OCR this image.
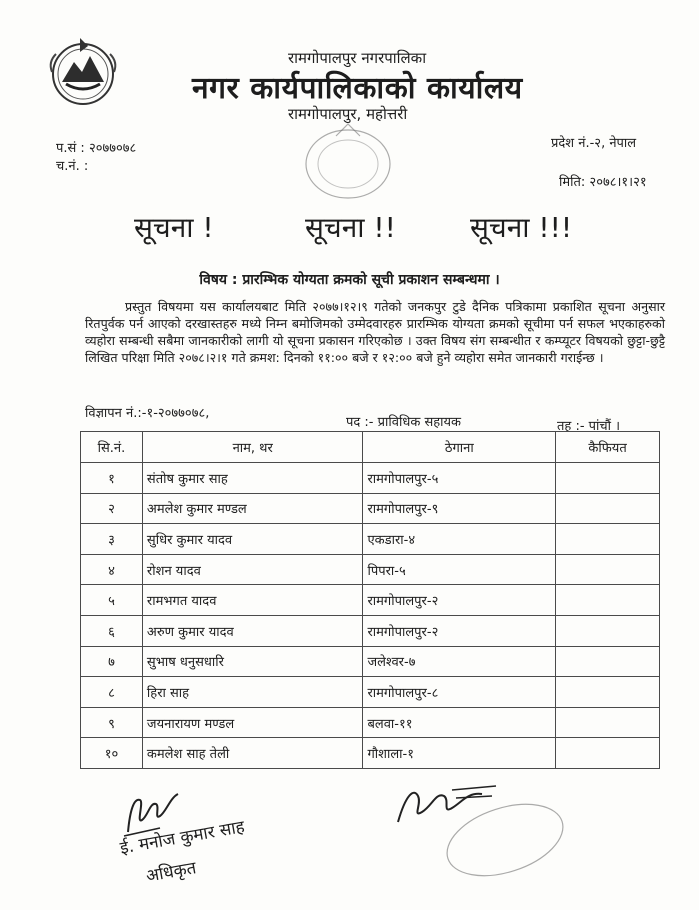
रामगोपालपुर नगरपालिका
नगर कार्यपालिकाको कार्यालय
रामगोपालपुर, महोत्तरी
प.सं : २०७७०७८
च.नं. :
प्रदेश नं.-२, नेपाल
मिति: २०७८।१।२१
सूचना !	सूचना !!	सूचना !!!
विषय : प्रारम्भिक योग्यता क्रमको सूची प्रकाशन सम्बन्धमा ।
प्रस्तुत विषयमा यस कार्यालयबाट मिति २०७७।१२।९ गतेको जनकपुर टुडे दैनिक पत्रिकामा प्रकाशित सूचना अनुसार रितपुर्वक पर्न आएको दरखास्तहरु मध्ये निम्न बमोजिमको उम्मेदवारहरु प्रारम्भिक योग्यता क्रमको सूचीमा पर्न सफल भएकाहरुको व्यहोरा सम्बन्धी सबैमा जानकारीको लागी यो सूचना प्रकासन गरिएकोछ । उक्त विषय संग सम्बन्धीत र कम्प्यूटर विषयको छुट्टा-छुट्टै लिखित परिक्षा मिति २०७८।२।१ गते क्रमश: दिनको ११:०० बजे र १२:०० बजे हुने व्यहोरा समेत जानकारी गराईन्छ ।
विज्ञापन नं.:-१-२०७७०७८,
पद :- प्राविधिक सहायक	तह :- पांचौं ।
सि.नं.	नाम, थर	ठेगाना	कैफियत
१	संतोष कुमार साह	रामगोपालपुर-५	
२	अमलेश कुमार मण्डल	रामगोपालपुर-९	
३	सुधिर कुमार यादव	एकडारा-४	
४	रोशन यादव	पिपरा-५	
५	रामभगत यादव	रामगोपालपुर-२	
६	अरुण कुमार यादव	रामगोपालपुर-२	
७	सुभाष धनुसधारि	जलेश्वर-७	
८	हिरा साह	रामगोपालपुर-८	
९	जयनारायण मण्डल	बलवा-११	
१०	कमलेश साह तेली	गौशाला-१	
ई. मनोज कुमार साह
अधिकृत
